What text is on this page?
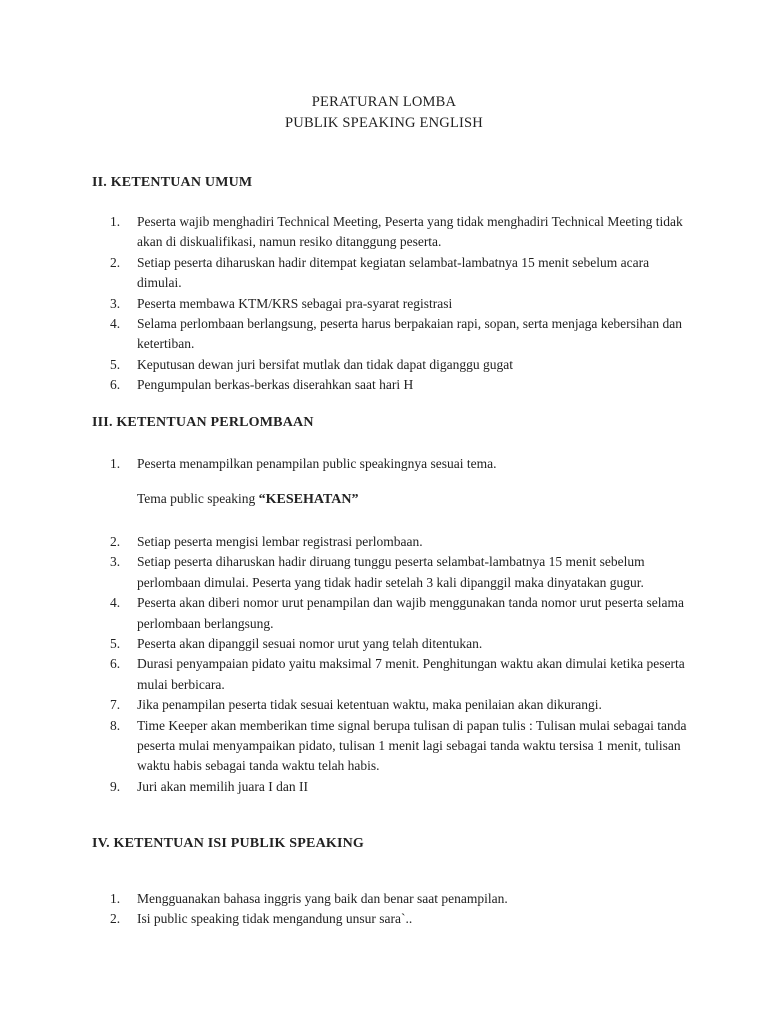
PERATURAN LOMBA
PUBLIK SPEAKING ENGLISH
II. KETENTUAN UMUM
1. Peserta wajib menghadiri Technical Meeting, Peserta yang tidak menghadiri Technical Meeting tidak akan di diskualifikasi, namun resiko ditanggung peserta.
2. Setiap peserta diharuskan hadir ditempat kegiatan selambat-lambatnya 15 menit sebelum acara dimulai.
3. Peserta membawa KTM/KRS sebagai pra-syarat registrasi
4. Selama perlombaan berlangsung, peserta harus berpakaian rapi, sopan, serta menjaga kebersihan dan ketertiban.
5. Keputusan dewan juri bersifat mutlak dan tidak dapat diganggu gugat
6. Pengumpulan berkas-berkas diserahkan saat hari H
III. KETENTUAN PERLOMBAAN
1. Peserta menampilkan penampilan public speakingnya sesuai tema.
Tema public speaking “KESEHATAN”
2. Setiap peserta mengisi lembar registrasi perlombaan.
3. Setiap peserta diharuskan hadir diruang tunggu peserta selambat-lambatnya 15 menit sebelum perlombaan dimulai. Peserta yang tidak hadir setelah 3 kali dipanggil maka dinyatakan gugur.
4. Peserta akan diberi nomor urut penampilan dan wajib menggunakan tanda nomor urut peserta selama perlombaan berlangsung.
5. Peserta akan dipanggil sesuai nomor urut yang telah ditentukan.
6. Durasi penyampaian pidato yaitu maksimal 7 menit. Penghitungan waktu akan dimulai ketika peserta mulai berbicara.
7. Jika penampilan peserta tidak sesuai ketentuan waktu, maka penilaian akan dikurangi.
8. Time Keeper akan memberikan time signal berupa tulisan di papan tulis : Tulisan mulai sebagai tanda peserta mulai menyampaikan pidato, tulisan 1 menit lagi sebagai tanda waktu tersisa 1 menit, tulisan waktu habis sebagai tanda waktu telah habis.
9. Juri akan memilih juara I dan II
IV. KETENTUAN ISI PUBLIK SPEAKING
1. Mengguanakan bahasa inggris yang baik dan benar saat penampilan.
2. Isi public speaking tidak mengandung unsur sara`..
